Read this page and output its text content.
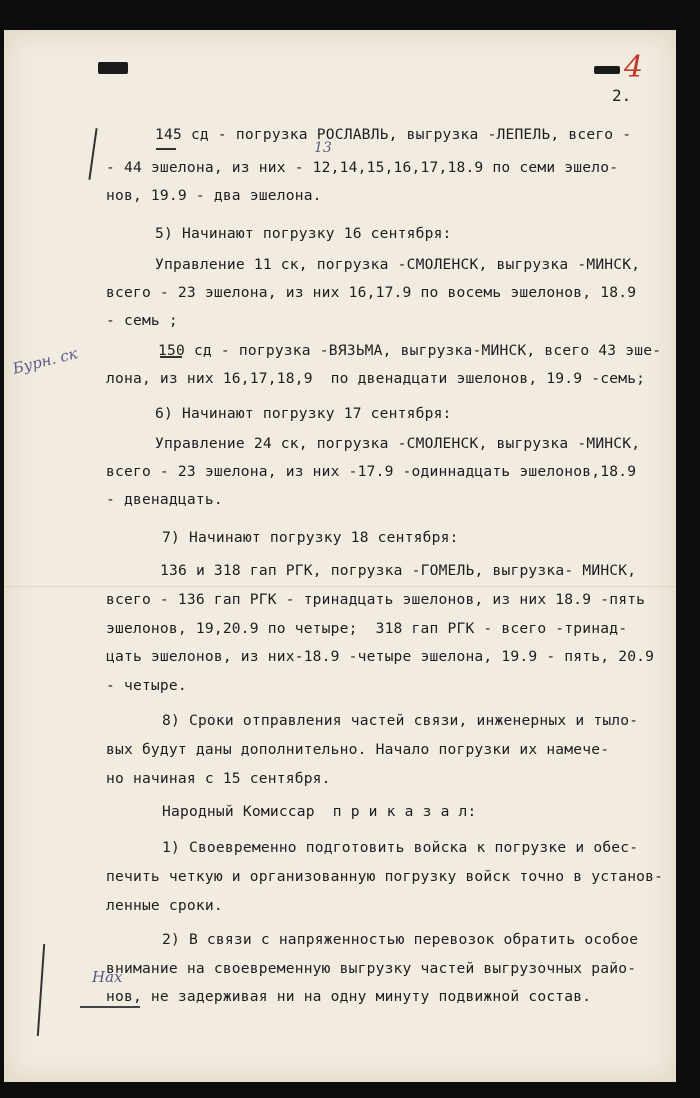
4
2.
Бурн. ск
13
Нах
145 сд - погрузка РОСЛАВЛЬ, выгрузка -ЛЕПЕЛЬ, всего -
- 44 эшелона, из них - 12,14,15,16,17,18.9 по семи эшело-
нов, 19.9 - два эшелона.
5) Начинают погрузку 16 сентября:
Управление 11 ск, погрузка -СМОЛЕНСК, выгрузка -МИНСК,
всего - 23 эшелона, из них 16,17.9 по восемь эшелонов, 18.9
- семь ;
150 сд - погрузка -ВЯЗЬМА, выгрузка-МИНСК, всего 43 эше-
лона, из них 16,17,18,9  по двенадцати эшелонов, 19.9 -семь;
6) Начинают погрузку 17 сентября:
Управление 24 ск, погрузка -СМОЛЕНСК, выгрузка -МИНСК,
всего - 23 эшелона, из них -17.9 -одиннадцать эшелонов,18.9
- двенадцать.
7) Начинают погрузку 18 сентября:
136 и 318 гап РГК, погрузка -ГОМЕЛЬ, выгрузка- МИНСК,
всего - 136 гап РГК - тринадцать эшелонов, из них 18.9 -пять
эшелонов, 19,20.9 по четыре;  318 гап РГК - всего -тринад-
цать эшелонов, из них-18.9 -четыре эшелона, 19.9 - пять, 20.9
- четыре.
8) Сроки отправления частей связи, инженерных и тыло-
вых будут даны дополнительно. Начало погрузки их намече-
но начиная с 15 сентября.
Народный Комиссар  п р и к а з а л:
1) Своевременно подготовить войска к погрузке и обес-
печить четкую и организованную погрузку войск точно в установ-
ленные сроки.
2) В связи с напряженностью перевозок обратить особое
внимание на своевременную выгрузку частей выгрузочных райо-
нов, не задерживая ни на одну минуту подвижной состав.
